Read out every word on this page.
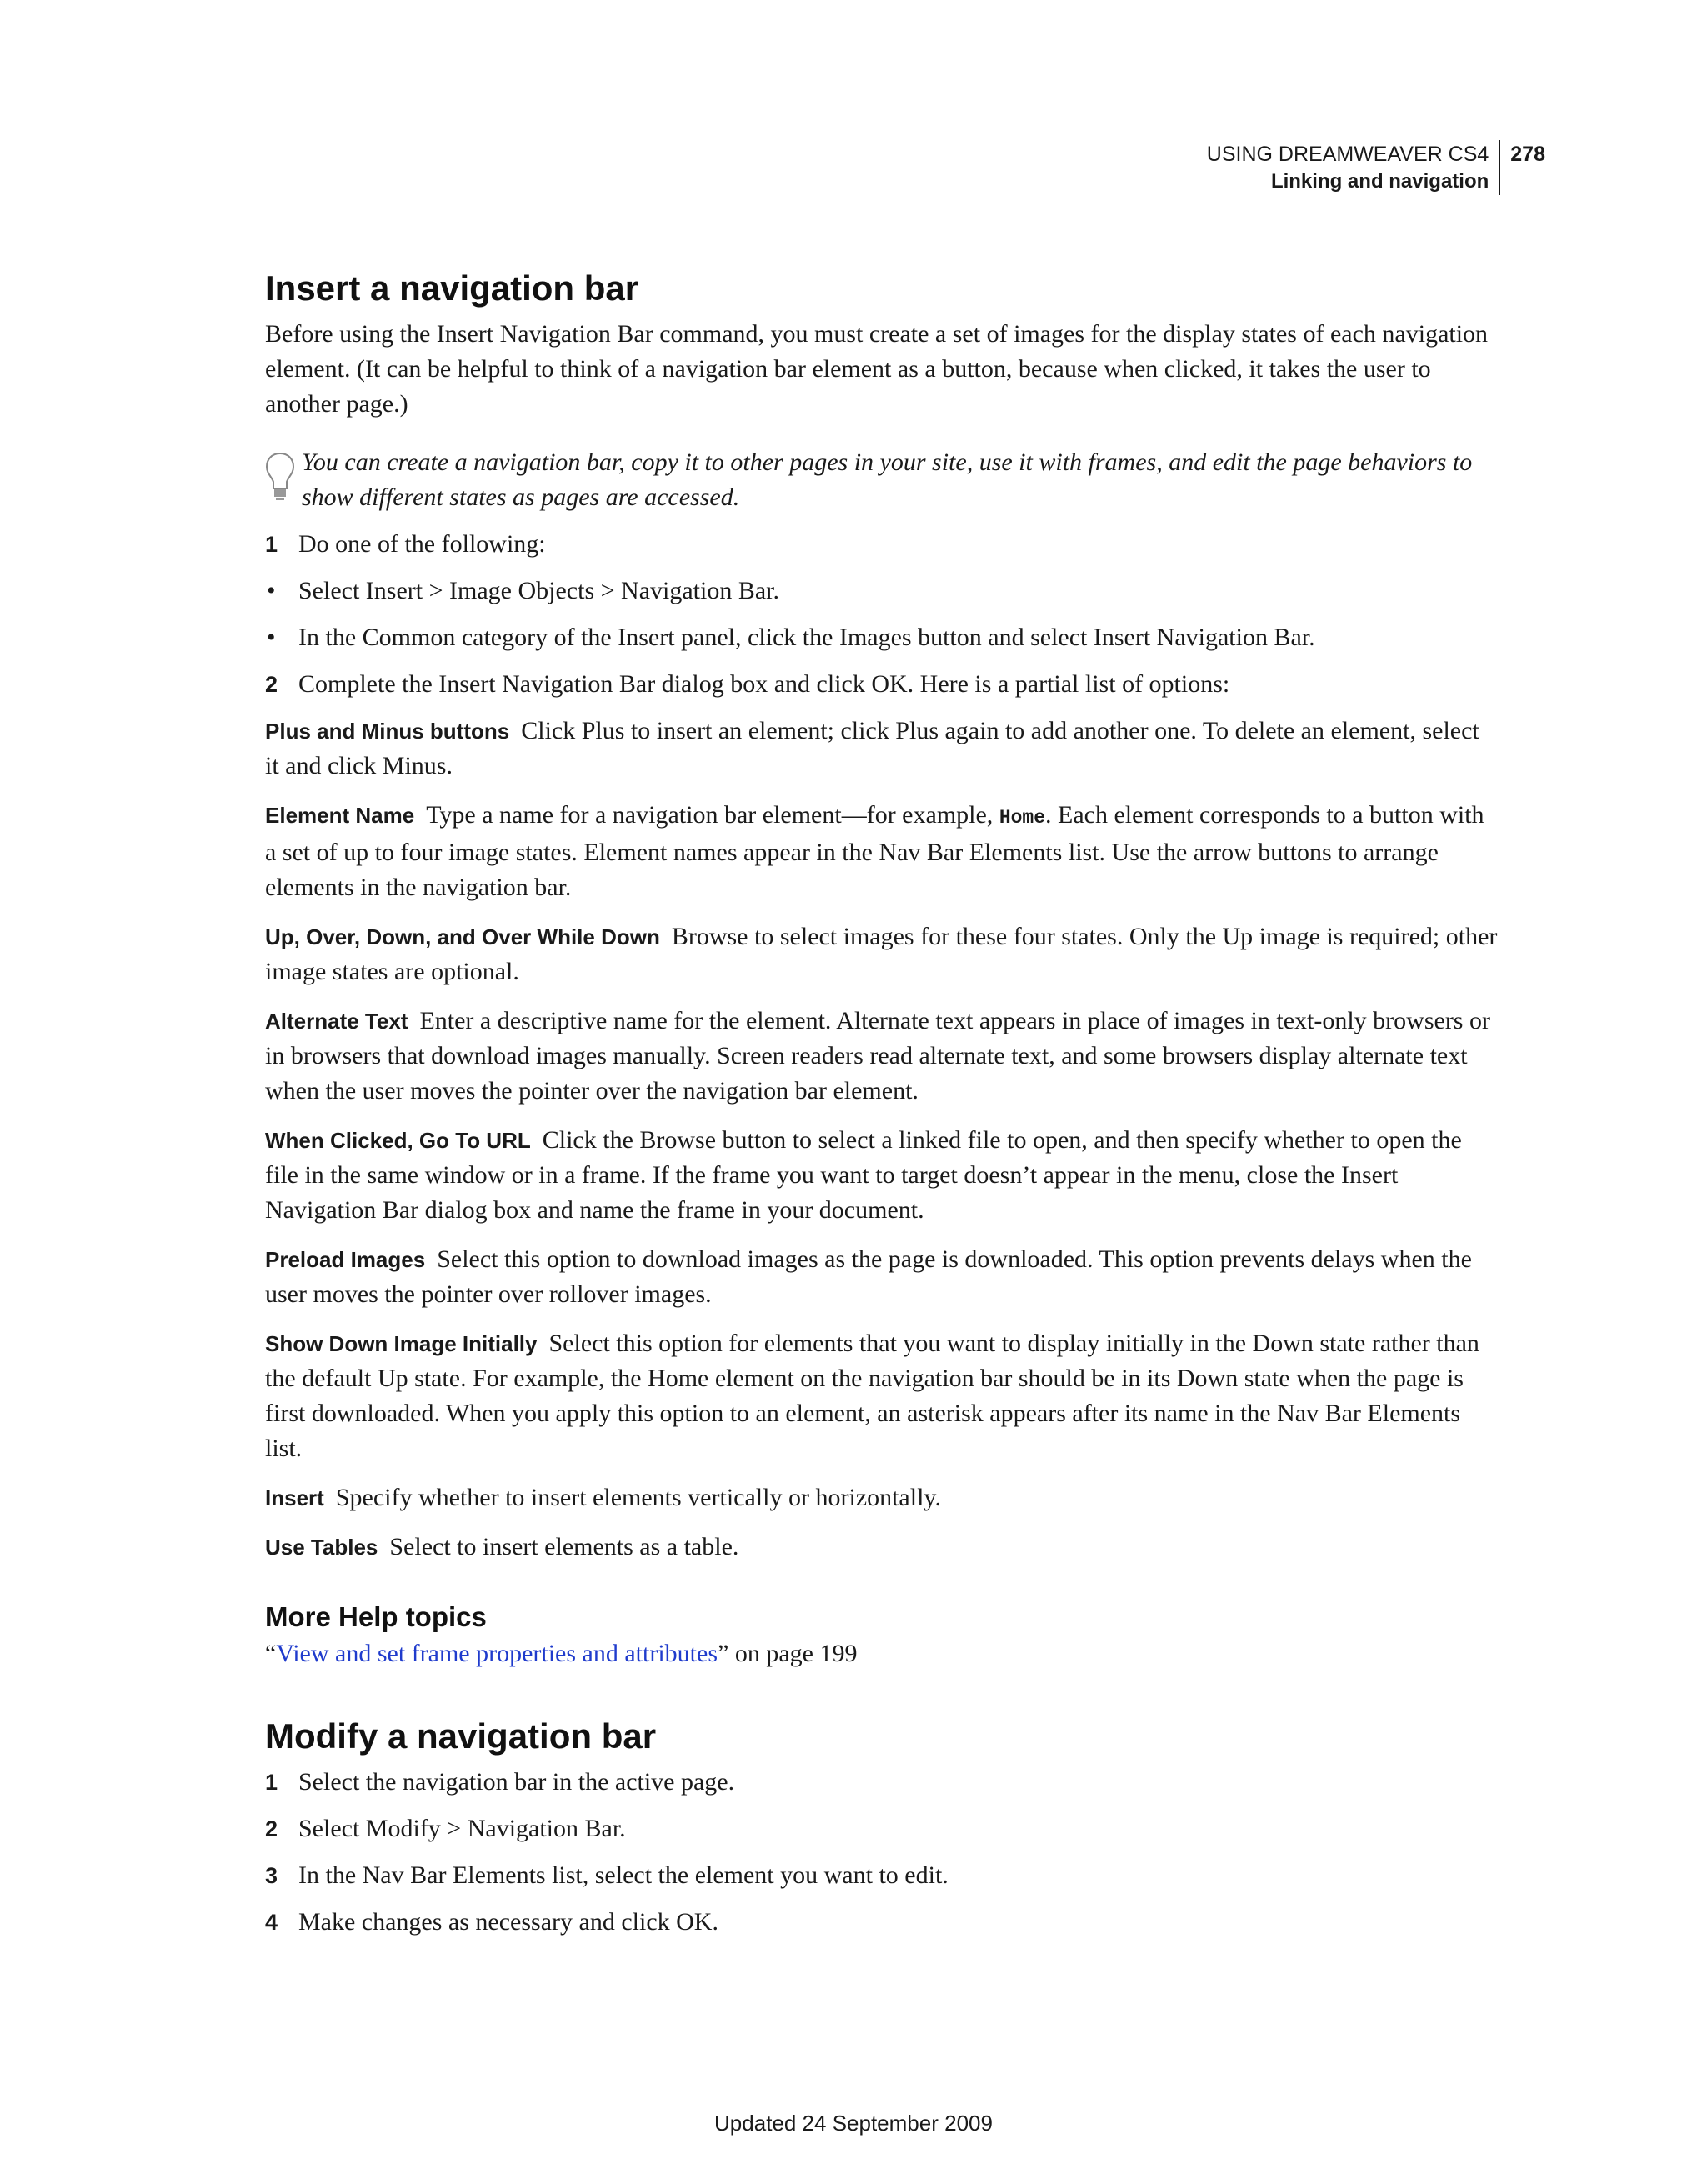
USING DREAMWEAVER CS4
Linking and navigation
278
Insert a navigation bar

Before using the Insert Navigation Bar command, you must create a set of images for the display states of each navigation element. (It can be helpful to think of a navigation bar element as a button, because when clicked, it takes the user to another page.)

You can create a navigation bar, copy it to other pages in your site, use it with frames, and edit the page behaviors to show different states as pages are accessed.
1 Do one of the following:
• Select Insert > Image Objects > Navigation Bar.
• In the Common category of the Insert panel, click the Images button and select Insert Navigation Bar.
2 Complete the Insert Navigation Bar dialog box and click OK. Here is a partial list of options:

Plus and Minus buttons Click Plus to insert an element; click Plus again to add another one. To delete an element, select it and click Minus.

Element Name Type a name for a navigation bar element—for example, Home. Each element corresponds to a button with a set of up to four image states. Element names appear in the Nav Bar Elements list. Use the arrow buttons to arrange elements in the navigation bar.

Up, Over, Down, and Over While Down Browse to select images for these four states. Only the Up image is required; other image states are optional.

Alternate Text Enter a descriptive name for the element. Alternate text appears in place of images in text-only browsers or in browsers that download images manually. Screen readers read alternate text, and some browsers display alternate text when the user moves the pointer over the navigation bar element.

When Clicked, Go To URL Click the Browse button to select a linked file to open, and then specify whether to open the file in the same window or in a frame. If the frame you want to target doesn’t appear in the menu, close the Insert Navigation Bar dialog box and name the frame in your document.

Preload Images Select this option to download images as the page is downloaded. This option prevents delays when the user moves the pointer over rollover images.

Show Down Image Initially Select this option for elements that you want to display initially in the Down state rather than the default Up state. For example, the Home element on the navigation bar should be in its Down state when the page is first downloaded. When you apply this option to an element, an asterisk appears after its name in the Nav Bar Elements list.

Insert Specify whether to insert elements vertically or horizontally.

Use Tables Select to insert elements as a table.

More Help topics

“View and set frame properties and attributes” on page 199

Modify a navigation bar
1 Select the navigation bar in the active page.
2 Select Modify > Navigation Bar.
3 In the Nav Bar Elements list, select the element you want to edit.
4 Make changes as necessary and click OK.
Updated 24 September 2009
